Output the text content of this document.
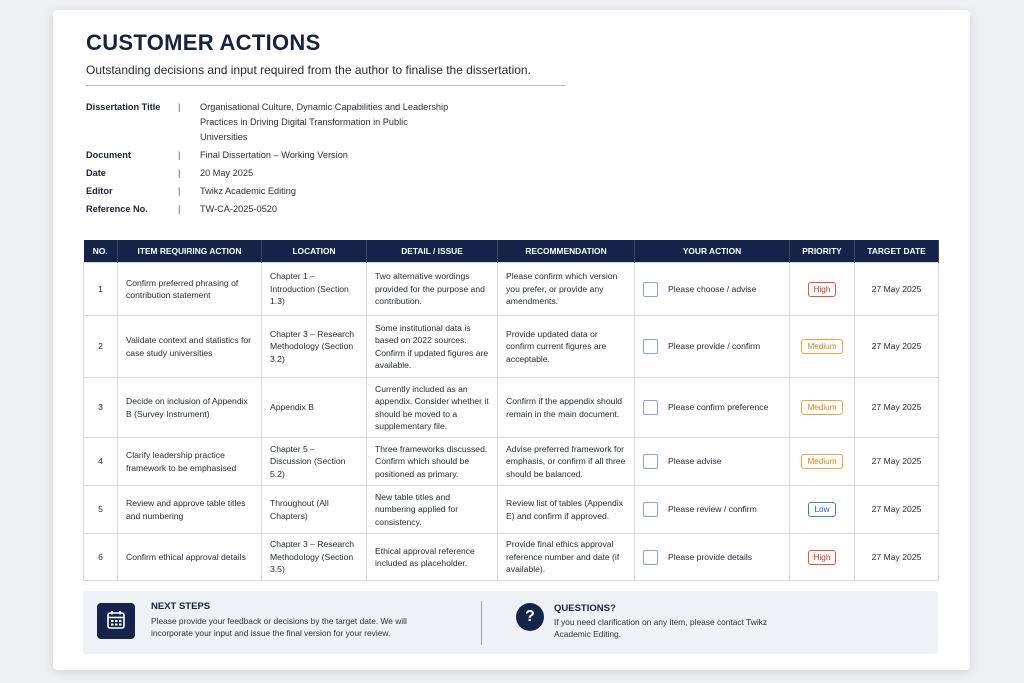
CUSTOMER ACTIONS
Outstanding decisions and input required from the author to finalise the dissertation.
Dissertation Title	|	Organisational Culture, Dynamic Capabilities and Leadership Practices in Driving Digital Transformation in Public Universities
Document	|	Final Dissertation – Working Version
Date	|	20 May 2025
Editor	|	Twikz Academic Editing
Reference No.	|	TW-CA-2025-0520
NO.	ITEM REQUIRING ACTION	LOCATION	DETAIL / ISSUE	RECOMMENDATION	YOUR ACTION	PRIORITY	TARGET DATE
1	Confirm preferred phrasing of contribution statement	Chapter 1 – Introduction (Section 1.3)	Two alternative wordings provided for the purpose and contribution.	Please confirm which version you prefer, or provide any amendments.	Please choose / advise	High	27 May 2025
2	Validate context and statistics for case study universities	Chapter 3 – Research Methodology (Section 3.2)	Some institutional data is based on 2022 sources. Confirm if updated figures are available.	Provide updated data or confirm current figures are acceptable.	Please provide / confirm	Medium	27 May 2025
3	Decide on inclusion of Appendix B (Survey Instrument)	Appendix B	Currently included as an appendix. Consider whether it should be moved to a supplementary file.	Confirm if the appendix should remain in the main document.	Please confirm preference	Medium	27 May 2025
4	Clarify leadership practice framework to be emphasised	Chapter 5 – Discussion (Section 5.2)	Three frameworks discussed. Confirm which should be positioned as primary.	Advise preferred framework for emphasis, or confirm if all three should be balanced.	Please advise	Medium	27 May 2025
5	Review and approve table titles and numbering	Throughout (All Chapters)	New table titles and numbering applied for consistency.	Review list of tables (Appendix E) and confirm if approved.	Please review / confirm	Low	27 May 2025
6	Confirm ethical approval details	Chapter 3 – Research Methodology (Section 3.5)	Ethical approval reference included as placeholder.	Provide final ethics approval reference number and date (if available).	Please provide details	High	27 May 2025
NEXT STEPS
Please provide your feedback or decisions by the target date. We will incorporate your input and issue the final version for your review.
?	QUESTIONS?
If you need clarification on any item, please contact Twikz Academic Editing.
